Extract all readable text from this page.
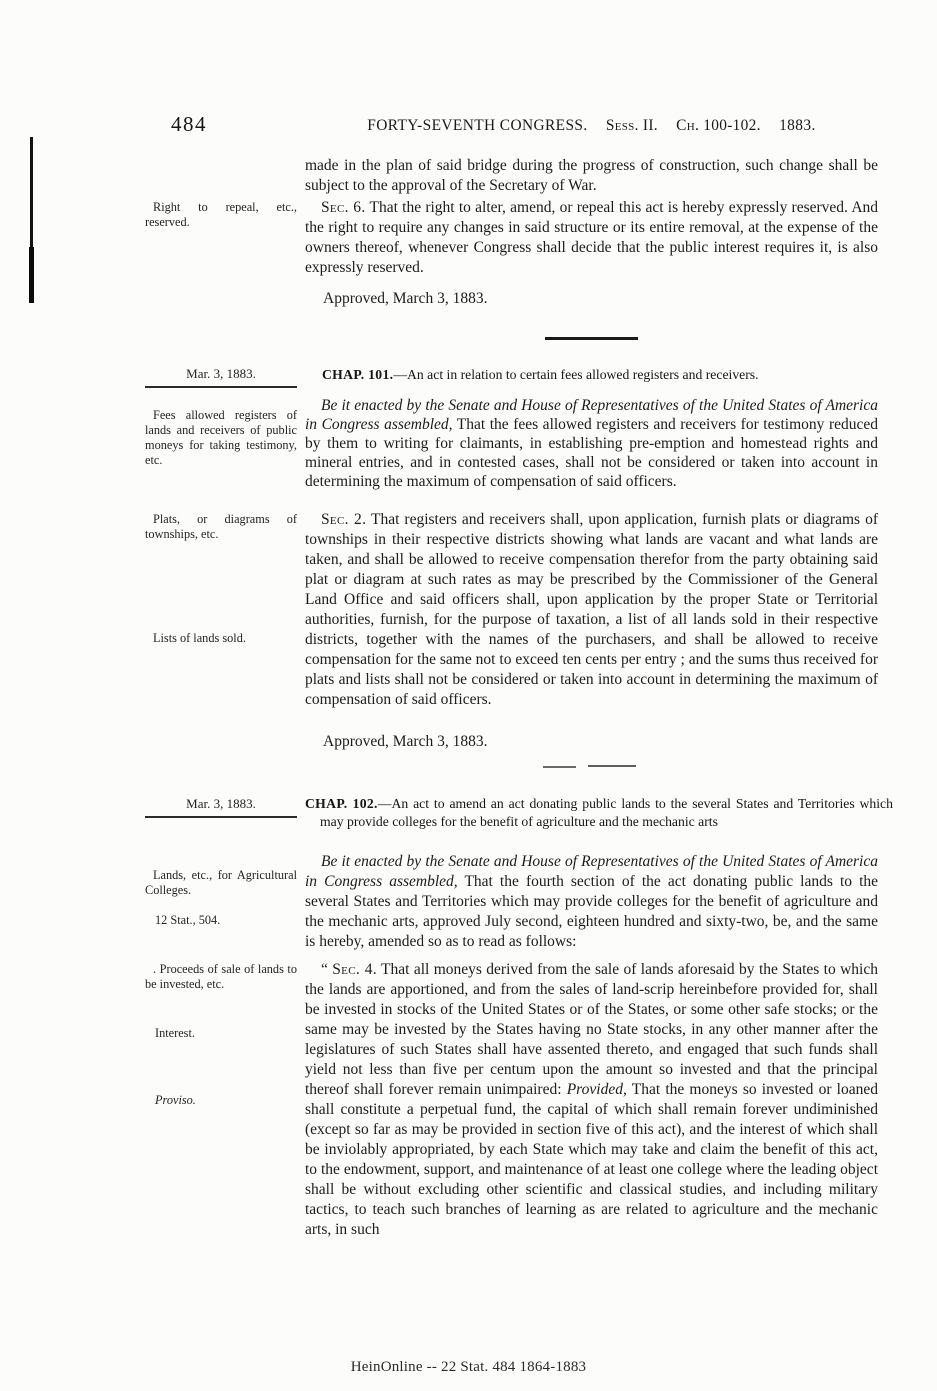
484	FORTY-SEVENTH CONGRESS. Sess. II. Ch. 100-102. 1883.
made in the plan of said bridge during the progress of construction, such change shall be subject to the approval of the Secretary of War.
Right to repeal, etc., reserved.
Sec. 6. That the right to alter, amend, or repeal this act is hereby expressly reserved. And the right to require any changes in said structure or its entire removal, at the expense of the owners thereof, whenever Congress shall decide that the public interest requires it, is also expressly reserved.
Approved, March 3, 1883.
Mar. 3, 1883.	CHAP. 101.—An act in relation to certain fees allowed registers and receivers.
Fees allowed registers of lands and receivers of public moneys for taking testimony, etc.
Be it enacted by the Senate and House of Representatives of the United States of America in Congress assembled, That the fees allowed registers and receivers for testimony reduced by them to writing for claimants, in establishing pre-emption and homestead rights and mineral entries, and in contested cases, shall not be considered or taken into account in determining the maximum of compensation of said officers.
Plats, or diagrams of townships, etc.
Lists of lands sold.
Sec. 2. That registers and receivers shall, upon application, furnish plats or diagrams of townships in their respective districts showing what lands are vacant and what lands are taken, and shall be allowed to receive compensation therefor from the party obtaining said plat or diagram at such rates as may be prescribed by the Commissioner of the General Land Office and said officers shall, upon application by the proper State or Territorial authorities, furnish, for the purpose of taxation, a list of all lands sold in their respective districts, together with the names of the purchasers, and shall be allowed to receive compensation for the same not to exceed ten cents per entry ; and the sums thus received for plats and lists shall not be considered or taken into account in determining the maximum of compensation of said officers.
Approved, March 3, 1883.
Mar. 3, 1883.	CHAP. 102.—An act to amend an act donating public lands to the several States and Territories which may provide colleges for the benefit of agriculture and the mechanic arts
Lands, etc., for Agricultural Colleges.
12 Stat., 504.
Be it enacted by the Senate and House of Representatives of the United States of America in Congress assembled, That the fourth section of the act donating public lands to the several States and Territories which may provide colleges for the benefit of agriculture and the mechanic arts, approved July second, eighteen hundred and sixty-two, be, and the same is hereby, amended so as to read as follows:
. Proceeds of sale of lands to be invested, etc.
Interest.
Proviso.
“ Sec. 4. That all moneys derived from the sale of lands aforesaid by the States to which the lands are apportioned, and from the sales of land-scrip hereinbefore provided for, shall be invested in stocks of the United States or of the States, or some other safe stocks; or the same may be invested by the States having no State stocks, in any other manner after the legislatures of such States shall have assented thereto, and engaged that such funds shall yield not less than five per centum upon the amount so invested and that the principal thereof shall forever remain unimpaired: Provided, That the moneys so invested or loaned shall constitute a perpetual fund, the capital of which shall remain forever undiminished (except so far as may be provided in section five of this act), and the interest of which shall be inviolably appropriated, by each State which may take and claim the benefit of this act, to the endowment, support, and maintenance of at least one college where the leading object shall be without excluding other scientific and classical studies, and including military tactics, to teach such branches of learning as are related to agriculture and the mechanic arts, in such
HeinOnline -- 22 Stat. 484 1864-1883
